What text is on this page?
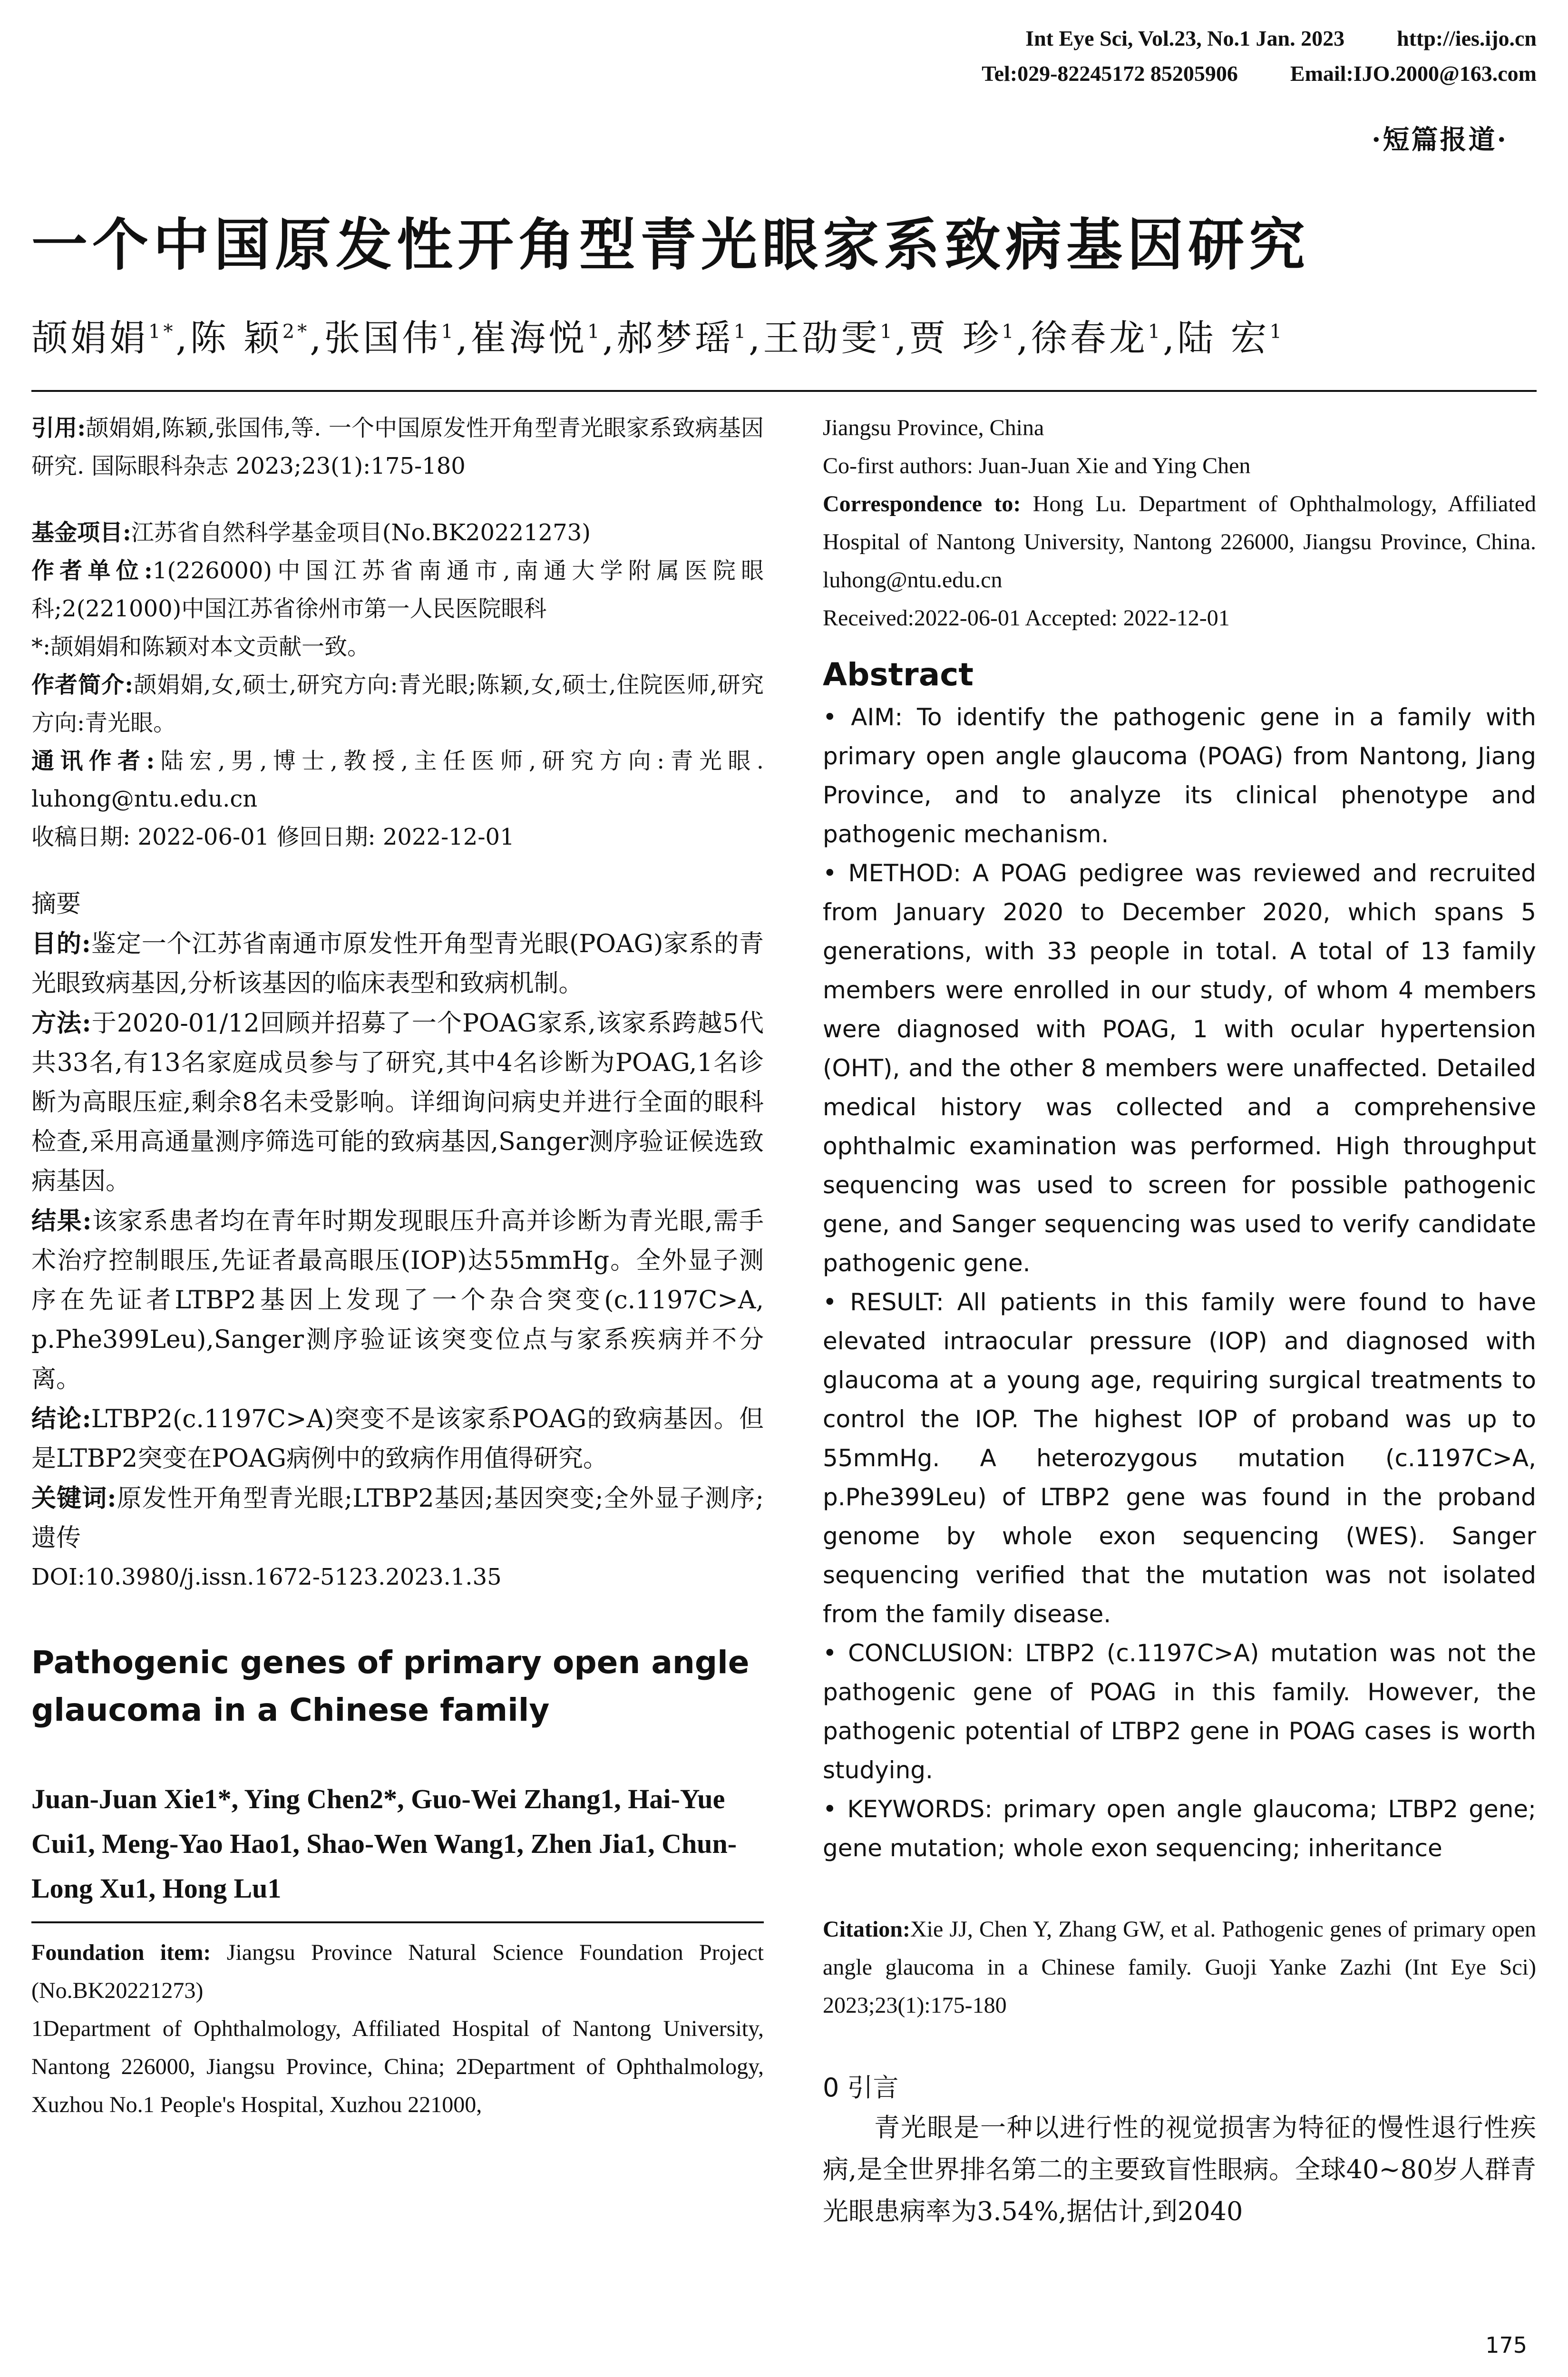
Int Eye Sci, Vol.23, No.1 Jan. 2023 http://ies.ijo.cn
Tel:029-82245172 85205906 Email:IJO.2000@163.com
·短篇报道·
一个中国原发性开角型青光眼家系致病基因研究
颉娟娟$^{1*}$,陈 颖$^{2*}$,张国伟$^1$,崔海悦$^1$,郝梦瑶$^1$,王劭雯$^1$,贾 珍$^1$,徐春龙$^1$,陆 宏$^1$

引用:颉娟娟,陈颖,张国伟,等. 一个中国原发性开角型青光眼家系致病基因研究. 国际眼科杂志 2023;23(1):175-180

基金项目:江苏省自然科学基金项目(No.BK20221273)

作者单位:1(226000)中国江苏省南通市,南通大学附属医院眼科;2(221000)中国江苏省徐州市第一人民医院眼科

*:颉娟娟和陈颖对本文贡献一致。

作者简介:颉娟娟,女,硕士,研究方向:青光眼;陈颖,女,硕士,住院医师,研究方向:青光眼。

通讯作者:陆宏,男,博士,教授,主任医师,研究方向:青光眼. luhong@ntu.edu.cn

收稿日期: 2022-06-01 修回日期: 2022-12-01

摘要

目的:鉴定一个江苏省南通市原发性开角型青光眼(POAG)家系的青光眼致病基因,分析该基因的临床表型和致病机制。

方法:于2020-01/12回顾并招募了一个POAG家系,该家系跨越5代共33名,有13名家庭成员参与了研究,其中4名诊断为POAG,1名诊断为高眼压症,剩余8名未受影响。详细询问病史并进行全面的眼科检查,采用高通量测序筛选可能的致病基因,Sanger测序验证候选致病基因。

结果:该家系患者均在青年时期发现眼压升高并诊断为青光眼,需手术治疗控制眼压,先证者最高眼压(IOP)达55mmHg。全外显子测序在先证者LTBP2基因上发现了一个杂合突变(c.1197C>A, p.Phe399Leu),Sanger测序验证该突变位点与家系疾病并不分离。

结论:LTBP2(c.1197C>A)突变不是该家系POAG的致病基因。但是LTBP2突变在POAG病例中的致病作用值得研究。

关键词:原发性开角型青光眼;LTBP2基因;基因突变;全外显子测序;遗传

DOI:10.3980/j.issn.1672-5123.2023.1.35

Pathogenic genes of primary open angle glaucoma in a Chinese family

Juan-Juan Xie1*, Ying Chen2*, Guo-Wei Zhang1, Hai-Yue Cui1, Meng-Yao Hao1, Shao-Wen Wang1, Zhen Jia1, Chun-Long Xu1, Hong Lu1

Foundation item: Jiangsu Province Natural Science Foundation Project (No.BK20221273)

1Department of Ophthalmology, Affiliated Hospital of Nantong University, Nantong 226000, Jiangsu Province, China; 2Department of Ophthalmology, Xuzhou No.1 People's Hospital, Xuzhou 221000,

Jiangsu Province, China

Co-first authors: Juan-Juan Xie and Ying Chen

Correspondence to: Hong Lu. Department of Ophthalmology, Affiliated Hospital of Nantong University, Nantong 226000, Jiangsu Province, China. luhong@ntu.edu.cn

Received:2022-06-01 Accepted: 2022-12-01

Abstract

• AIM: To identify the pathogenic gene in a family with primary open angle glaucoma (POAG) from Nantong, Jiang Province, and to analyze its clinical phenotype and pathogenic mechanism.

• METHOD: A POAG pedigree was reviewed and recruited from January 2020 to December 2020, which spans 5 generations, with 33 people in total. A total of 13 family members were enrolled in our study, of whom 4 members were diagnosed with POAG, 1 with ocular hypertension (OHT), and the other 8 members were unaffected. Detailed medical history was collected and a comprehensive ophthalmic examination was performed. High throughput sequencing was used to screen for possible pathogenic gene, and Sanger sequencing was used to verify candidate pathogenic gene.

• RESULT: All patients in this family were found to have elevated intraocular pressure (IOP) and diagnosed with glaucoma at a young age, requiring surgical treatments to control the IOP. The highest IOP of proband was up to 55mmHg. A heterozygous mutation (c.1197C>A, p.Phe399Leu) of LTBP2 gene was found in the proband genome by whole exon sequencing (WES). Sanger sequencing verified that the mutation was not isolated from the family disease.

• CONCLUSION: LTBP2 (c.1197C>A) mutation was not the pathogenic gene of POAG in this family. However, the pathogenic potential of LTBP2 gene in POAG cases is worth studying.

• KEYWORDS: primary open angle glaucoma; LTBP2 gene; gene mutation; whole exon sequencing; inheritance

Citation:Xie JJ, Chen Y, Zhang GW, et al. Pathogenic genes of primary open angle glaucoma in a Chinese family. Guoji Yanke Zazhi (Int Eye Sci) 2023;23(1):175-180

0 引言

青光眼是一种以进行性的视觉损害为特征的慢性退行性疾病,是全世界排名第二的主要致盲性眼病。全球40~80岁人群青光眼患病率为3.54%,据估计,到2040

175
